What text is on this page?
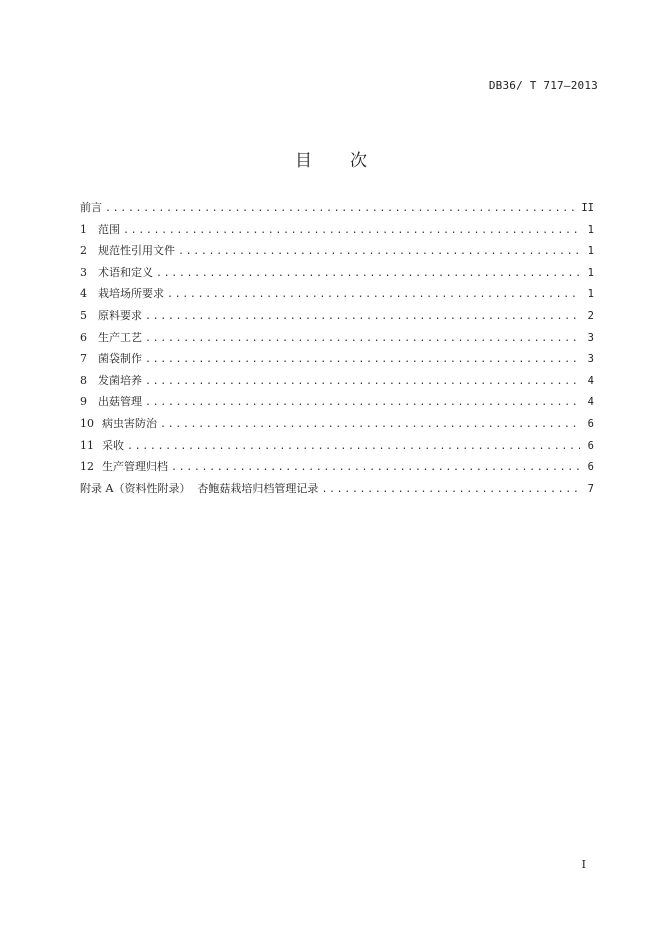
DB36/ T 717—2013
目 次
前言 .....	II
1	范围 .....	1
2	规范性引用文件 .....	1
3	术语和定义 .....	1
4	栽培场所要求 .....	1
5	原料要求 .....	2
6	生产工艺 .....	3
7	菌袋制作 .....	3
8	发菌培养 .....	4
9	出菇管理 .....	4
10 病虫害防治 .....	6
11 采收 .....	6
12 生产管理归档 .....	6
附录 A（资料性附录）  杏鲍菇栽培归档管理记录 .....	7
I
